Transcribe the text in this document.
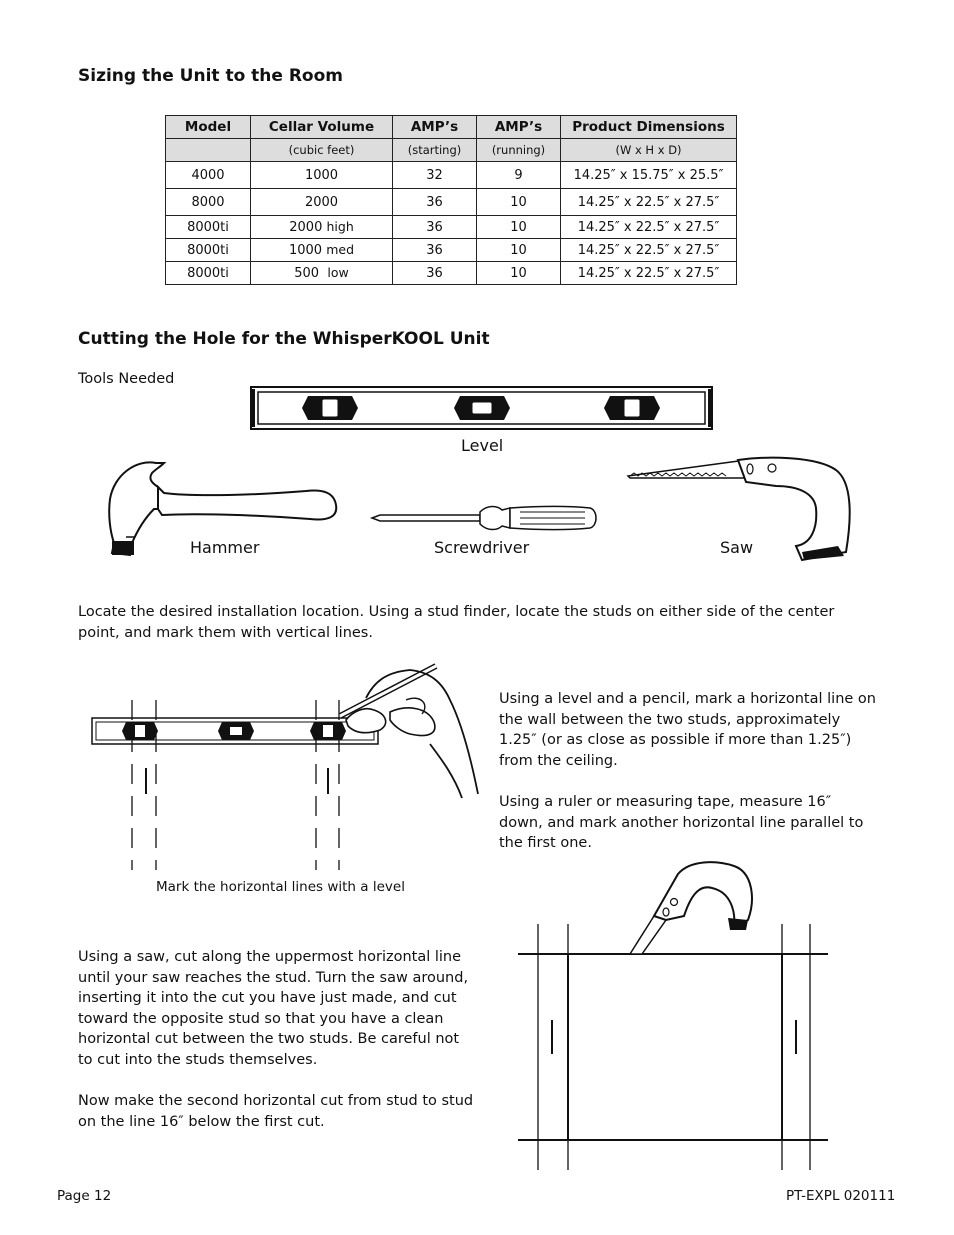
Sizing the Unit to the Room
Model	Cellar Volume	AMP’s	AMP’s	Product Dimensions
	(cubic feet)	(starting)	(running)	(W x H x D)
4000	1000	32	9	14.25″ x 15.75″ x 25.5″
8000	2000	36	10	14.25″ x 22.5″ x 27.5″
8000ti	2000 high	36	10	14.25″ x 22.5″ x 27.5″
8000ti	1000 med	36	10	14.25″ x 22.5″ x 27.5″
8000ti	500 low	36	10	14.25″ x 22.5″ x 27.5″
Cutting the Hole for the WhisperKOOL Unit
Tools Needed
Level
Hammer	Screwdriver	Saw

Locate the desired installation location. Using a stud finder, locate the studs on either side of the center point, and mark them with vertical lines.

Mark the horizontal lines with a level

Using a level and a pencil, mark a horizontal line on the wall between the two studs, approximately 1.25″ (or as close as possible if more than 1.25″) from the ceiling.

Using a ruler or measuring tape, measure 16″ down, and mark another horizontal line parallel to the first one.

Using a saw, cut along the uppermost horizontal line until your saw reaches the stud. Turn the saw around, inserting it into the cut you have just made, and cut toward the opposite stud so that you have a clean horizontal cut between the two studs. Be careful not to cut into the studs themselves.

Now make the second horizontal cut from stud to stud on the line 16″ below the first cut.

Page 12	PT-EXPL 020111
